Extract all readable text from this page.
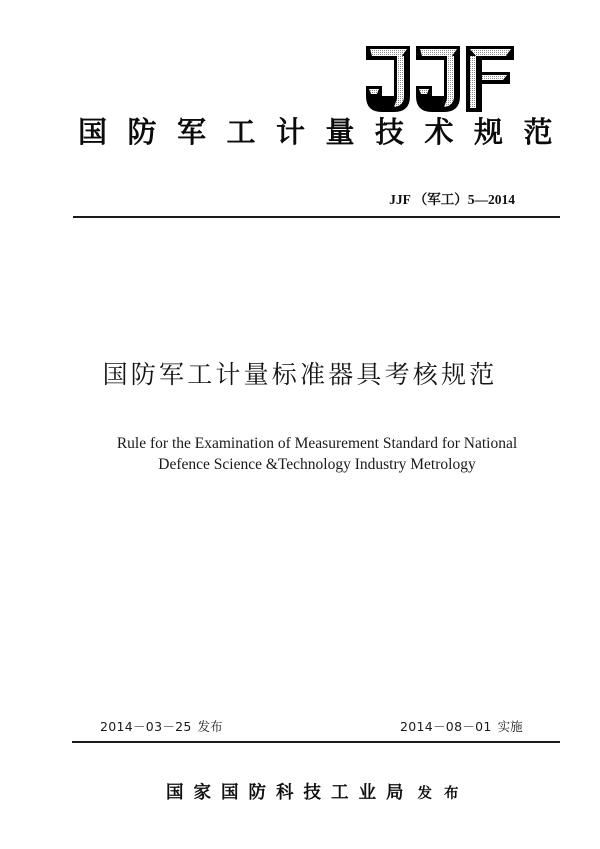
国防军工计量技术规范
JJF （军工）5—2014
国防军工计量标准器具考核规范
Rule for the Examination of Measurement Standard for National
Defence Science &Technology Industry Metrology
2014－03－25 发布	2014－08－01 实施
国家国防科技工业局 发布
